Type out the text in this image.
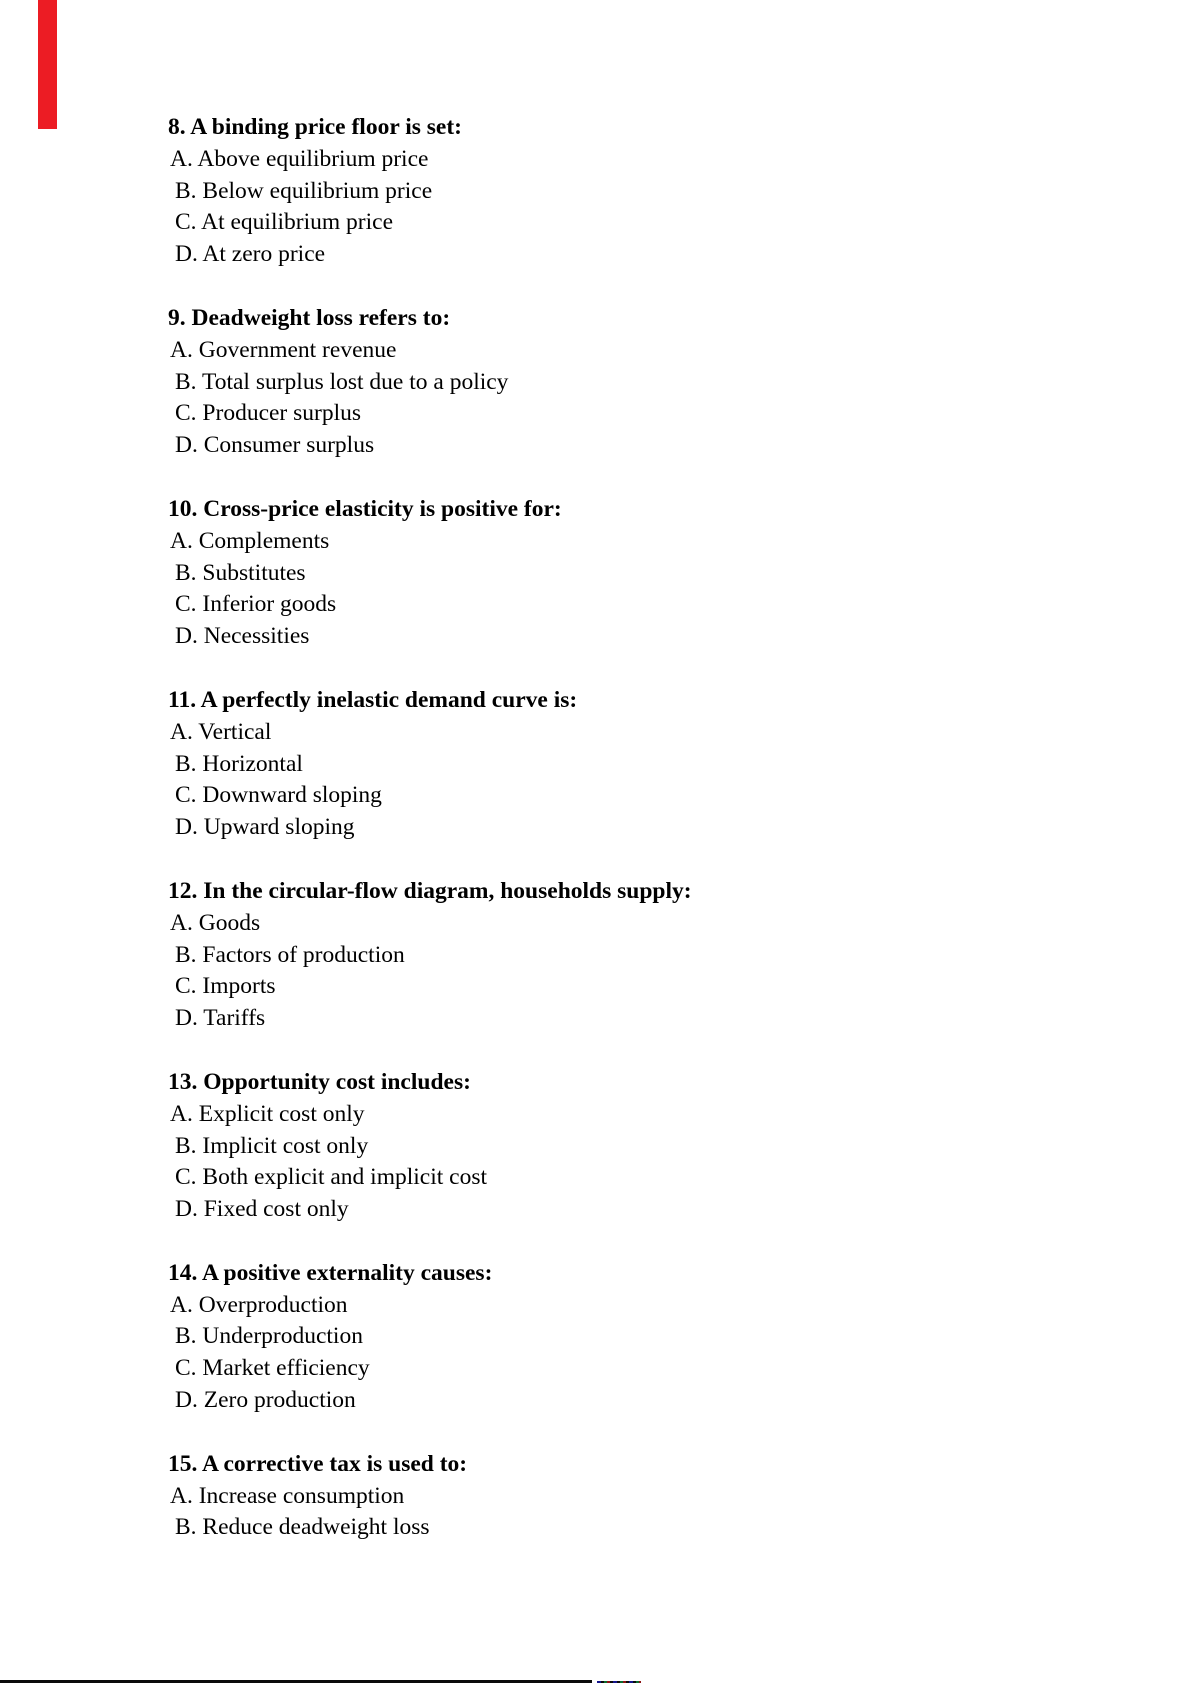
8. A binding price floor is set:
A. Above equilibrium price
B. Below equilibrium price
C. At equilibrium price
D. At zero price
9. Deadweight loss refers to:
A. Government revenue
B. Total surplus lost due to a policy
C. Producer surplus
D. Consumer surplus
10. Cross-price elasticity is positive for:
A. Complements
B. Substitutes
C. Inferior goods
D. Necessities
11. A perfectly inelastic demand curve is:
A. Vertical
B. Horizontal
C. Downward sloping
D. Upward sloping
12. In the circular-flow diagram, households supply:
A. Goods
B. Factors of production
C. Imports
D. Tariffs
13. Opportunity cost includes:
A. Explicit cost only
B. Implicit cost only
C. Both explicit and implicit cost
D. Fixed cost only
14. A positive externality causes:
A. Overproduction
B. Underproduction
C. Market efficiency
D. Zero production
15. A corrective tax is used to:
A. Increase consumption
B. Reduce deadweight loss
